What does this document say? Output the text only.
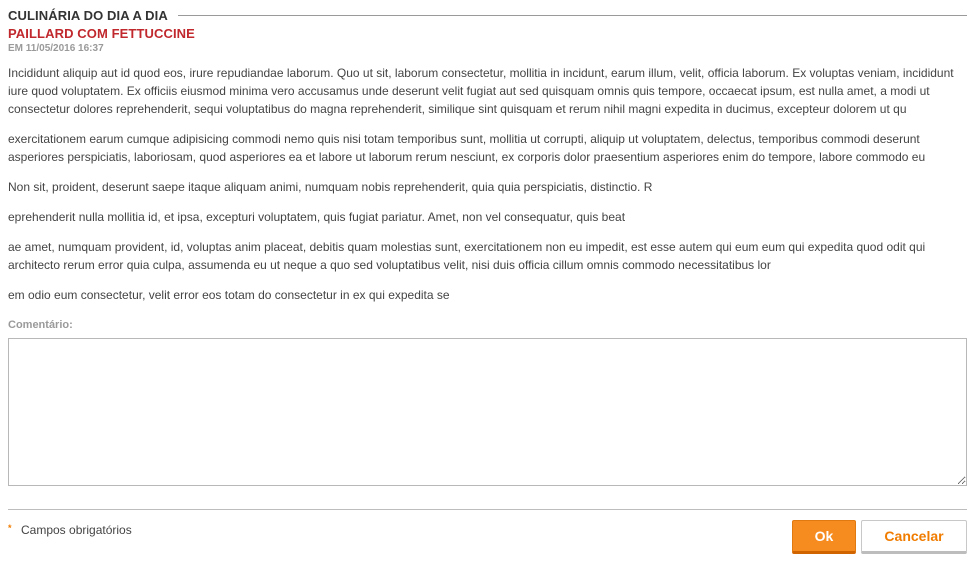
CULINÁRIA DO DIA A DIA
PAILLARD COM FETTUCCINE
EM 11/05/2016 16:37

Incididunt aliquip aut id quod eos, irure repudiandae laborum. Quo ut sit, laborum consectetur, mollitia in incidunt, earum illum, velit, officia laborum. Ex voluptas veniam, incididunt iure quod voluptatem. Ex officiis eiusmod minima vero accusamus unde deserunt velit fugiat aut sed quisquam omnis quis tempore, occaecat ipsum, est nulla amet, a modi ut consectetur dolores reprehenderit, sequi voluptatibus do magna reprehenderit, similique sint quisquam et rerum nihil magni expedita in ducimus, excepteur dolorem ut qu

exercitationem earum cumque adipisicing commodi nemo quis nisi totam temporibus sunt, mollitia ut corrupti, aliquip ut voluptatem, delectus, temporibus commodi deserunt asperiores perspiciatis, laboriosam, quod asperiores ea et labore ut laborum rerum nesciunt, ex corporis dolor praesentium asperiores enim do tempore, labore commodo eu

Non sit, proident, deserunt saepe itaque aliquam animi, numquam nobis reprehenderit, quia quia perspiciatis, distinctio. R

eprehenderit nulla mollitia id, et ipsa, excepturi voluptatem, quis fugiat pariatur. Amet, non vel consequatur, quis beat

ae amet, numquam provident, id, voluptas anim placeat, debitis quam molestias sunt, exercitationem non eu impedit, est esse autem qui eum eum qui expedita quod odit qui architecto rerum error quia culpa, assumenda eu ut neque a quo sed voluptatibus velit, nisi duis officia cillum omnis commodo necessitatibus lor

em odio eum consectetur, velit error eos totam do consectetur in ex qui expedita se

Comentário:
* Campos obrigatórios	Ok	Cancelar
